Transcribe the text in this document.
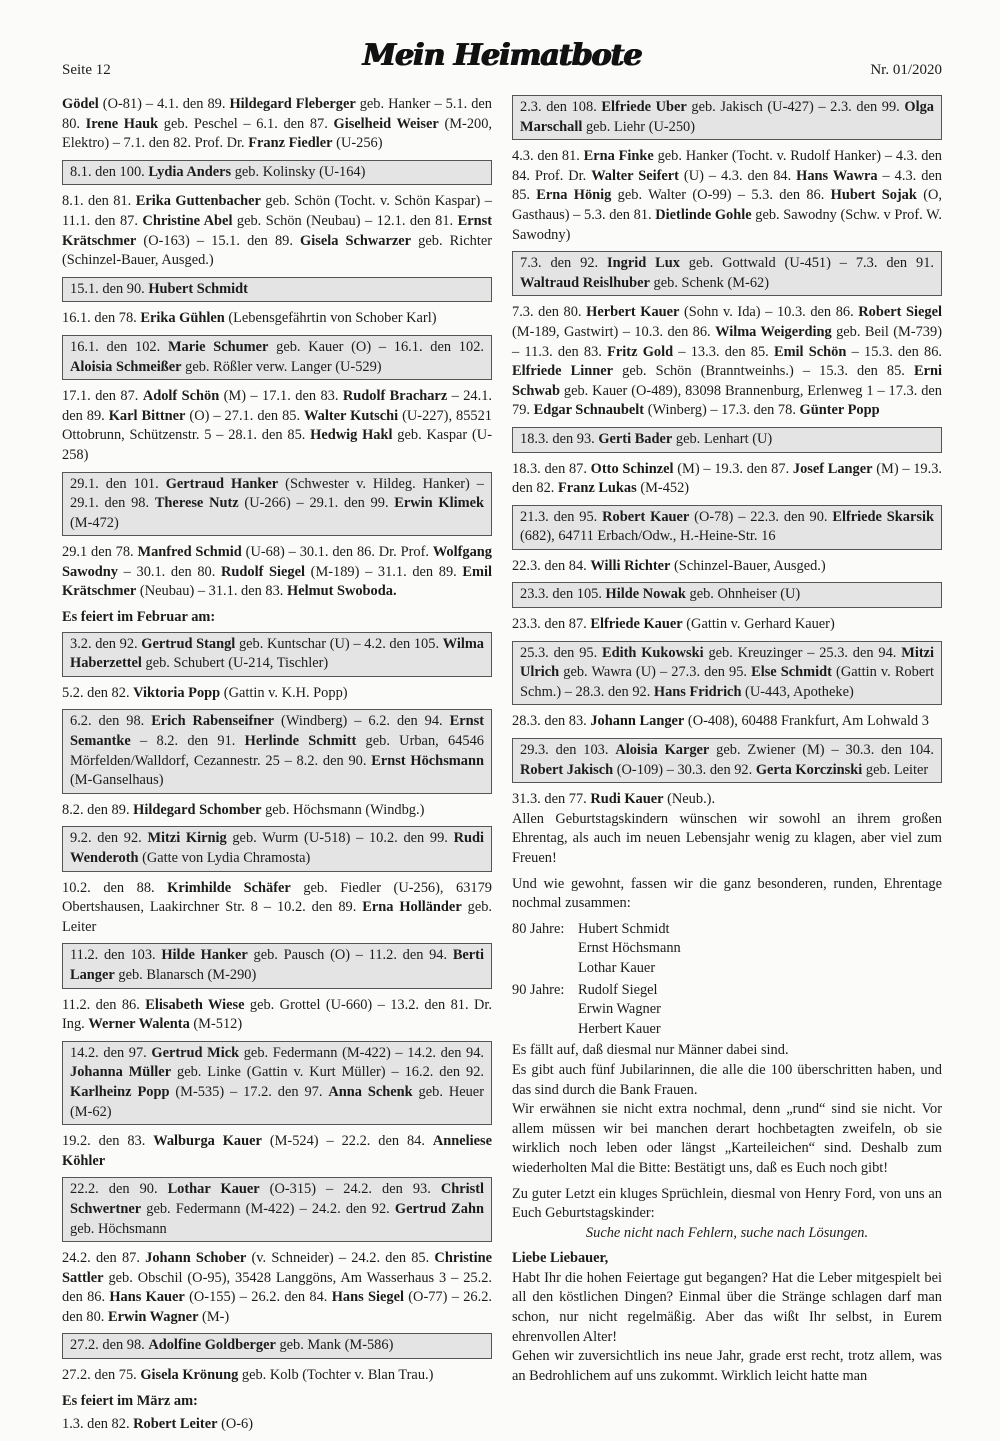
Seite 12	Mein Heimatbote	Nr. 01/2020
Gödel (O-81) – 4.1. den 89. Hildegard Fleberger geb. Hanker – 5.1. den 80. Irene Hauk geb. Peschel – 6.1. den 87. Giselheid Weiser (M-200, Elektro) – 7.1. den 82. Prof. Dr. Franz Fiedler (U-256)
8.1. den 100. Lydia Anders geb. Kolinsky (U-164)
8.1. den 81. Erika Guttenbacher geb. Schön (Tocht. v. Schön Kaspar) – 11.1. den 87. Christine Abel geb. Schön (Neubau) – 12.1. den 81. Ernst Krätschmer (O-163) – 15.1. den 89. Gisela Schwarzer geb. Richter (Schinzel-Bauer, Ausged.)
15.1. den 90. Hubert Schmidt
16.1. den 78. Erika Gühlen (Lebensgefährtin von Schober Karl)
16.1. den 102. Marie Schumer geb. Kauer (O) – 16.1. den 102. Aloisia Schmeißer geb. Rößler verw. Langer (U-529)
17.1. den 87. Adolf Schön (M) – 17.1. den 83. Rudolf Bracharz – 24.1. den 89. Karl Bittner (O) – 27.1. den 85. Walter Kutschi (U-227), 85521 Ottobrunn, Schützenstr. 5 – 28.1. den 85. Hedwig Hakl geb. Kaspar (U-258)
29.1. den 101. Gertraud Hanker (Schwester v. Hildeg. Hanker) – 29.1. den 98. Therese Nutz (U-266) – 29.1. den 99. Erwin Klimek (M-472)
29.1 den 78. Manfred Schmid (U-68) – 30.1. den 86. Dr. Prof. Wolfgang Sawodny – 30.1. den 80. Rudolf Siegel (M-189) – 31.1. den 89. Emil Krätschmer (Neubau) – 31.1. den 83. Helmut Swoboda.
Es feiert im Februar am:
3.2. den 92. Gertrud Stangl geb. Kuntschar (U) – 4.2. den 105. Wilma Haberzettel geb. Schubert (U-214, Tischler)
5.2. den 82. Viktoria Popp (Gattin v. K.H. Popp)
6.2. den 98. Erich Rabenseifner (Windberg) – 6.2. den 94. Ernst Semantke – 8.2. den 91. Herlinde Schmitt geb. Urban, 64546 Mörfelden/Walldorf, Cezannestr. 25 – 8.2. den 90. Ernst Höchsmann (M-Ganselhaus)
8.2. den 89. Hildegard Schomber geb. Höchsmann (Windbg.)
9.2. den 92. Mitzi Kirnig geb. Wurm (U-518) – 10.2. den 99. Rudi Wenderoth (Gatte von Lydia Chramosta)
10.2. den 88. Krimhilde Schäfer geb. Fiedler (U-256), 63179 Obertshausen, Laakirchner Str. 8 – 10.2. den 89. Erna Holländer geb. Leiter
11.2. den 103. Hilde Hanker geb. Pausch (O) – 11.2. den 94. Berti Langer geb. Blanarsch (M-290)
11.2. den 86. Elisabeth Wiese geb. Grottel (U-660) – 13.2. den 81. Dr. Ing. Werner Walenta (M-512)
14.2. den 97. Gertrud Mick geb. Federmann (M-422) – 14.2. den 94. Johanna Müller geb. Linke (Gattin v. Kurt Müller) – 16.2. den 92. Karlheinz Popp (M-535) – 17.2. den 97. Anna Schenk geb. Heuer (M-62)
19.2. den 83. Walburga Kauer (M-524) – 22.2. den 84. Anneliese Köhler
22.2. den 90. Lothar Kauer (O-315) – 24.2. den 93. Christl Schwertner geb. Federmann (M-422) – 24.2. den 92. Gertrud Zahn geb. Höchsmann
24.2. den 87. Johann Schober (v. Schneider) – 24.2. den 85. Christine Sattler geb. Obschil (O-95), 35428 Langgöns, Am Wasserhaus 3 – 25.2. den 86. Hans Kauer (O-155) – 26.2. den 84. Hans Siegel (O-77) – 26.2. den 80. Erwin Wagner (M-)
27.2. den 98. Adolfine Goldberger geb. Mank (M-586)
27.2. den 75. Gisela Krönung geb. Kolb (Tochter v. Blan Trau.)
Es feiert im März am:
1.3. den 82. Robert Leiter (O-6)
2.3. den 108. Elfriede Uber geb. Jakisch (U-427) – 2.3. den 99. Olga Marschall geb. Liehr (U-250)
4.3. den 81. Erna Finke geb. Hanker (Tocht. v. Rudolf Hanker) – 4.3. den 84. Prof. Dr. Walter Seifert (U) – 4.3. den 84. Hans Wawra – 4.3. den 85. Erna Hönig geb. Walter (O-99) – 5.3. den 86. Hubert Sojak (O, Gasthaus) – 5.3. den 81. Dietlinde Gohle geb. Sawodny (Schw. v Prof. W. Sawodny)
7.3. den 92. Ingrid Lux geb. Gottwald (U-451) – 7.3. den 91. Waltraud Reislhuber geb. Schenk (M-62)
7.3. den 80. Herbert Kauer (Sohn v. Ida) – 10.3. den 86. Robert Siegel (M-189, Gastwirt) – 10.3. den 86. Wilma Weigerding geb. Beil (M-739) – 11.3. den 83. Fritz Gold – 13.3. den 85. Emil Schön – 15.3. den 86. Elfriede Linner geb. Schön (Branntweinhs.) – 15.3. den 85. Erni Schwab geb. Kauer (O-489), 83098 Brannenburg, Erlenweg 1 – 17.3. den 79. Edgar Schnaubelt (Winberg) – 17.3. den 78. Günter Popp
18.3. den 93. Gerti Bader geb. Lenhart (U)
18.3. den 87. Otto Schinzel (M) – 19.3. den 87. Josef Langer (M) – 19.3. den 82. Franz Lukas (M-452)
21.3. den 95. Robert Kauer (O-78) – 22.3. den 90. Elfriede Skarsik (682), 64711 Erbach/Odw., H.-Heine-Str. 16
22.3. den 84. Willi Richter (Schinzel-Bauer, Ausged.)
23.3. den 105. Hilde Nowak geb. Ohnheiser (U)
23.3. den 87. Elfriede Kauer (Gattin v. Gerhard Kauer)
25.3. den 95. Edith Kukowski geb. Kreuzinger – 25.3. den 94. Mitzi Ulrich geb. Wawra (U) – 27.3. den 95. Else Schmidt (Gattin v. Robert Schm.) – 28.3. den 92. Hans Fridrich (U-443, Apotheke)
28.3. den 83. Johann Langer (O-408), 60488 Frankfurt, Am Lohwald 3
29.3. den 103. Aloisia Karger geb. Zwiener (M) – 30.3. den 104. Robert Jakisch (O-109) – 30.3. den 92. Gerta Korczinski geb. Leiter
31.3. den 77. Rudi Kauer (Neub.).
Allen Geburtstagskindern wünschen wir sowohl an ihrem großen Ehrentag, als auch im neuen Lebensjahr wenig zu klagen, aber viel zum Freuen!
Und wie gewohnt, fassen wir die ganz besonderen, runden, Ehrentage nochmal zusammen:
80 Jahre: Hubert Schmidt
Ernst Höchsmann
Lothar Kauer
90 Jahre: Rudolf Siegel
Erwin Wagner
Herbert Kauer
Es fällt auf, daß diesmal nur Männer dabei sind.
Es gibt auch fünf Jubilarinnen, die alle die 100 überschritten haben, und das sind durch die Bank Frauen.
Wir erwähnen sie nicht extra nochmal, denn „rund“ sind sie nicht. Vor allem müssen wir bei manchen derart hochbetagten zweifeln, ob sie wirklich noch leben oder längst „Karteileichen“ sind. Deshalb zum wiederholten Mal die Bitte: Bestätigt uns, daß es Euch noch gibt!
Zu guter Letzt ein kluges Sprüchlein, diesmal von Henry Ford, von uns an Euch Geburtstagskinder:
Suche nicht nach Fehlern, suche nach Lösungen.
Liebe Liebauer,
Habt Ihr die hohen Feiertage gut begangen? Hat die Leber mitgespielt bei all den köstlichen Dingen? Einmal über die Stränge schlagen darf man schon, nur nicht regelmäßig. Aber das wißt Ihr selbst, in Eurem ehrenvollen Alter!
Gehen wir zuversichtlich ins neue Jahr, grade erst recht, trotz allem, was an Bedrohlichem auf uns zukommt. Wirklich leicht hatte man
